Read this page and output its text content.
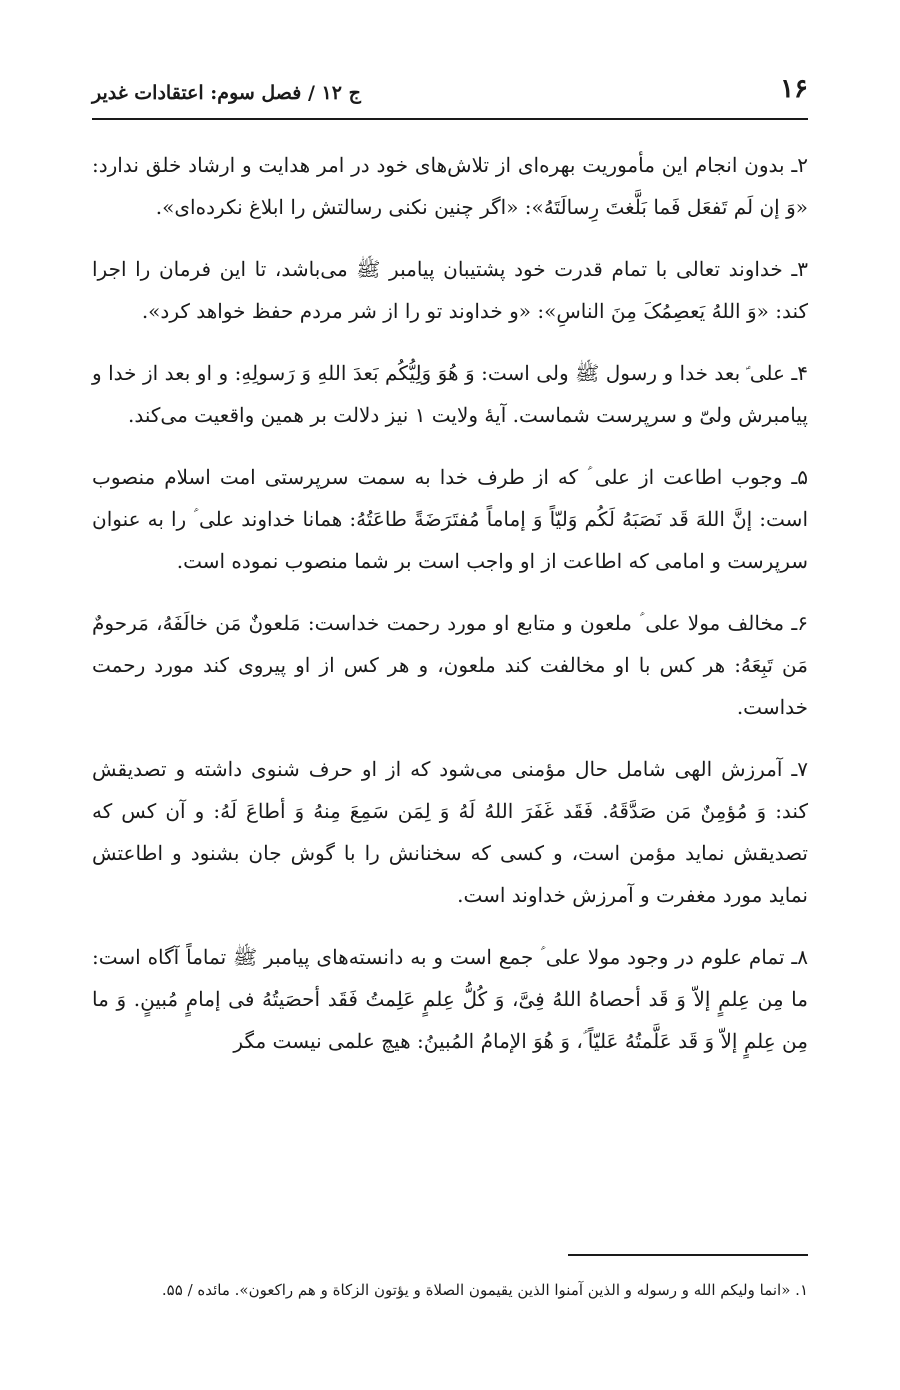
۱۶
ج ۱۲ / فصل سوم: اعتقادات غدیر

۲ـ بدون انجام این مأموریت بهره‌ای از تلاش‌های خود در امر هدایت و ارشاد خلق ندارد: «وَ إن لَم تَفعَل فَما بَلَّغتَ رِسالَتَهُ»: «اگر چنین نکنی رسالتش را ابلاغ نکرده‌ای».

۳ـ خداوند تعالی با تمام قدرت خود پشتیبان پیامبر ﷺ می‌باشد، تا این فرمان را اجرا کند: «وَ اللهُ یَعصِمُکَ مِنَ الناسِ»: «و خداوند تو را از شر مردم حفظ خواهد کرد».

۴ـ علی ؑ بعد خدا و رسول ﷺ ولی است: وَ هُوَ وَلِیُّکُم بَعدَ اللهِ وَ رَسولِهِ: و او بعد از خدا و پیامبرش ولیّ و سرپرست شماست. آیهٔ ولایت ۱ نیز دلالت بر همین واقعیت می‌کند.

۵ـ وجوب اطاعت از علی ؑ که از طرف خدا به سمت سرپرستی امت اسلام منصوب است: إنَّ اللهَ قَد نَصَبَهُ لَکُم وَلیّاً وَ إماماً مُفتَرَضَةً طاعَتُهُ: همانا خداوند علی ؑ را به عنوان سرپرست و امامی که اطاعت از او واجب است بر شما منصوب نموده است.

۶ـ مخالف مولا علی ؑ ملعون و متابع او مورد رحمت خداست: مَلعونٌ مَن خالَفَهُ، مَرحومٌ مَن تَبِعَهُ: هر کس با او مخالفت کند ملعون، و هر کس از او پیروی کند مورد رحمت خداست.

۷ـ آمرزش الهی شامل حال مؤمنی می‌شود که از او حرف شنوی داشته و تصدیقش کند: وَ مُؤمِنٌ مَن صَدَّقَهُ. فَقَد غَفَرَ اللهُ لَهُ وَ لِمَن سَمِعَ مِنهُ وَ أطاعَ لَهُ: و آن کس که تصدیقش نماید مؤمن است، و کسی که سخنانش را با گوش جان بشنود و اطاعتش نماید مورد مغفرت و آمرزش خداوند است.

۸ـ تمام علوم در وجود مولا علی ؑ جمع است و به دانسته‌های پیامبر ﷺ تماماً آگاه است: ما مِن عِلمٍ إلاّ وَ قَد أحصاهُ اللهُ فِیَّ، وَ کُلُّ عِلمٍ عَلِمتُ فَقَد أحصَیتُهُ فی إمامٍ مُبینٍ. وَ ما مِن عِلمٍ إلاّ وَ قَد عَلَّمتُهُ عَلیّاً ؑ، وَ هُوَ الإمامُ المُبینُ: هیچ علمی نیست مگر

۱. «انما ولیکم الله و رسوله و الذین آمنوا الذین یقیمون الصلاة و یؤتون الزکاة و هم راکعون». مائده / ۵۵.
